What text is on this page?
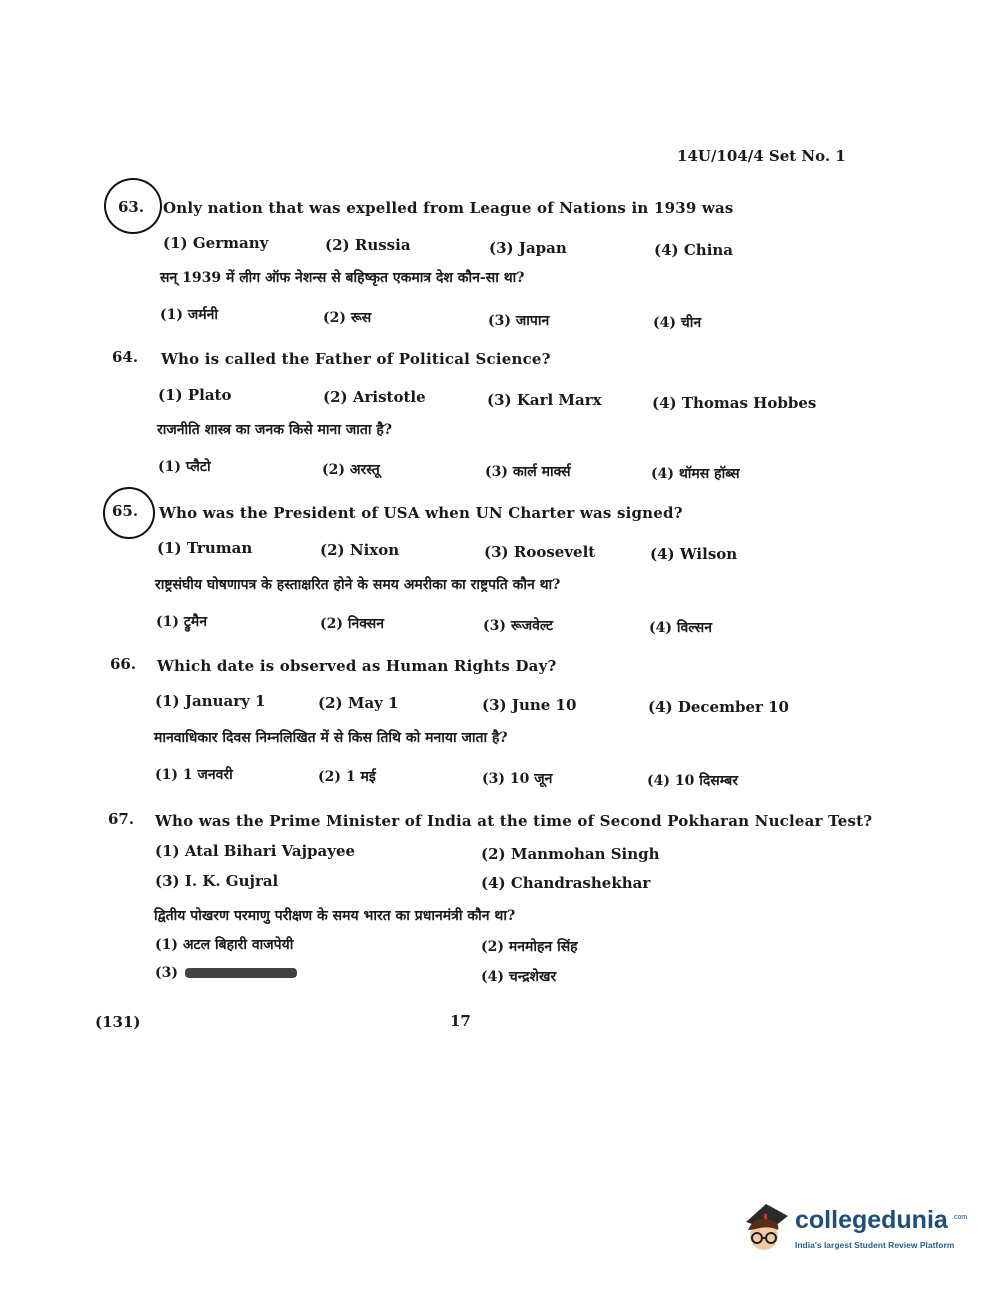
14U/104/4 Set No. 1
63. Only nation that was expelled from League of Nations in 1939 was
(1) Germany	(2) Russia	(3) Japan	(4) China
सन् 1939 में लीग ऑफ नेशन्स से बहिष्कृत एकमात्र देश कौन-सा था?
(1) जर्मनी	(2) रूस	(3) जापान	(4) चीन
64. Who is called the Father of Political Science?
(1) Plato	(2) Aristotle	(3) Karl Marx	(4) Thomas Hobbes
राजनीति शास्त्र का जनक किसे माना जाता है?
(1) प्लैटो	(2) अरस्तू	(3) कार्ल मार्क्स	(4) थॉमस हॉब्स
65. Who was the President of USA when UN Charter was signed?
(1) Truman	(2) Nixon	(3) Roosevelt	(4) Wilson
राष्ट्रसंघीय घोषणापत्र के हस्ताक्षरित होने के समय अमरीका का राष्ट्रपति कौन था?
(1) ट्रुमैन	(2) निक्सन	(3) रूजवेल्ट	(4) विल्सन
66. Which date is observed as Human Rights Day?
(1) January 1	(2) May 1	(3) June 10	(4) December 10
मानवाधिकार दिवस निम्नलिखित में से किस तिथि को मनाया जाता है?
(1) 1 जनवरी	(2) 1 मई	(3) 10 जून	(4) 10 दिसम्बर
67. Who was the Prime Minister of India at the time of Second Pokharan Nuclear Test?
(1) Atal Bihari Vajpayee	(2) Manmohan Singh
(3) I. K. Gujral	(4) Chandrashekhar
द्वितीय पोखरण परमाणु परीक्षण के समय भारत का प्रधानमंत्री कौन था?
(1) अटल बिहारी वाजपेयी	(2) मनमोहन सिंह
(3)	(4) चन्द्रशेखर
(131)	17
collegedunia .com
India's largest Student Review Platform
